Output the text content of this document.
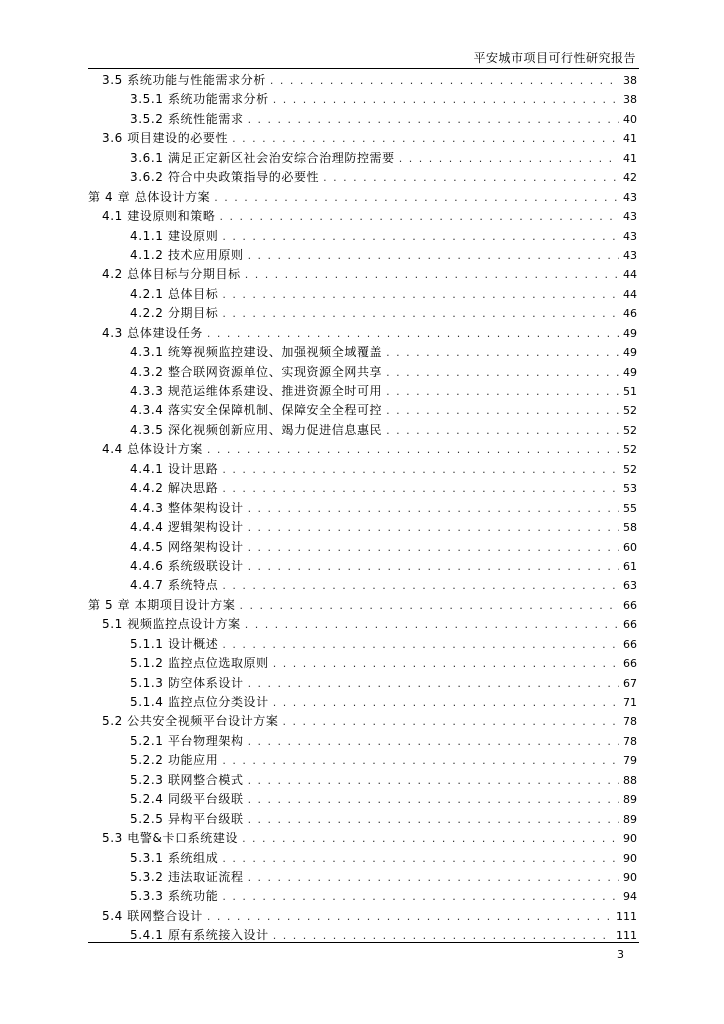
平安城市项目可行性研究报告
3.5 系统功能与性能需求分析 . . .	38
3.5.1 系统功能需求分析 . . .	38
3.5.2 系统性能需求 . . .	40
3.6 项目建设的必要性 . . .	41
3.6.1 满足正定新区社会治安综合治理防控需要 . . .	41
3.6.2 符合中央政策指导的必要性 . . .	42
第 4 章 总体设计方案 . . .	43
4.1 建设原则和策略 . . .	43
4.1.1 建设原则 . . .	43
4.1.2 技术应用原则 . . .	43
4.2 总体目标与分期目标 . . .	44
4.2.1 总体目标 . . .	44
4.2.2 分期目标 . . .	46
4.3 总体建设任务 . . .	49
4.3.1 统筹视频监控建设、加强视频全域覆盖 . . .	49
4.3.2 整合联网资源单位、实现资源全网共享 . . .	49
4.3.3 规范运维体系建设、推进资源全时可用 . . .	51
4.3.4 落实安全保障机制、保障安全全程可控 . . .	52
4.3.5 深化视频创新应用、竭力促进信息惠民 . . .	52
4.4 总体设计方案 . . .	52
4.4.1 设计思路 . . .	52
4.4.2 解决思路 . . .	53
4.4.3 整体架构设计 . . .	55
4.4.4 逻辑架构设计 . . .	58
4.4.5 网络架构设计 . . .	60
4.4.6 系统级联设计 . . .	61
4.4.7 系统特点 . . .	63
第 5 章 本期项目设计方案 . . .	66
5.1 视频监控点设计方案 . . .	66
5.1.1 设计概述 . . .	66
5.1.2 监控点位选取原则 . . .	66
5.1.3 防空体系设计 . . .	67
5.1.4 监控点位分类设计 . . .	71
5.2 公共安全视频平台设计方案 . . .	78
5.2.1 平台物理架构 . . .	78
5.2.2 功能应用 . . .	79
5.2.3 联网整合模式 . . .	88
5.2.4 同级平台级联 . . .	89
5.2.5 异构平台级联 . . .	89
5.3 电警&卡口系统建设 . . .	90
5.3.1 系统组成 . . .	90
5.3.2 违法取证流程 . . .	90
5.3.3 系统功能 . . .	94
5.4 联网整合设计 . . .	111
5.4.1 原有系统接入设计 . . .	111
3
